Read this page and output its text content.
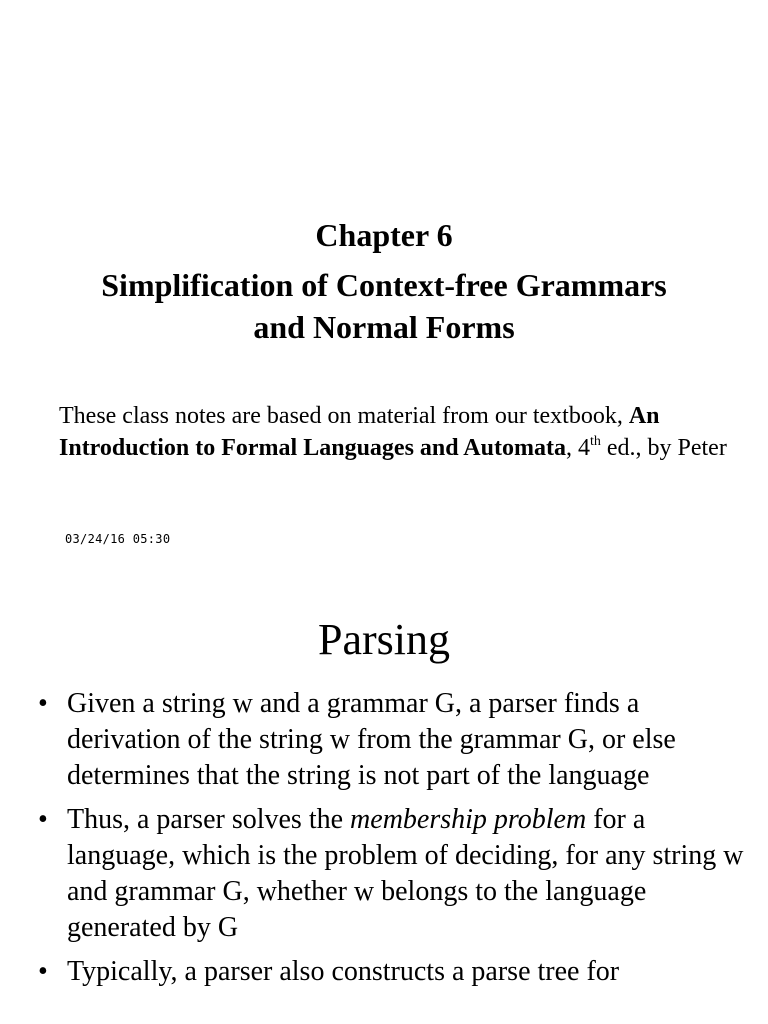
Chapter 6
Simplification of Context-free Grammars
and Normal Forms
These class notes are based on material from our textbook, An Introduction to Formal Languages and Automata, 4th ed., by Peter
03/24/16 05:30
Parsing
• Given a string w and a grammar G, a parser finds a derivation of the string w from the grammar G, or else determines that the string is not part of the language
• Thus, a parser solves the membership problem for a language, which is the problem of deciding, for any string w and grammar G, whether w belongs to the language generated by G
• Typically, a parser also constructs a parse tree for
